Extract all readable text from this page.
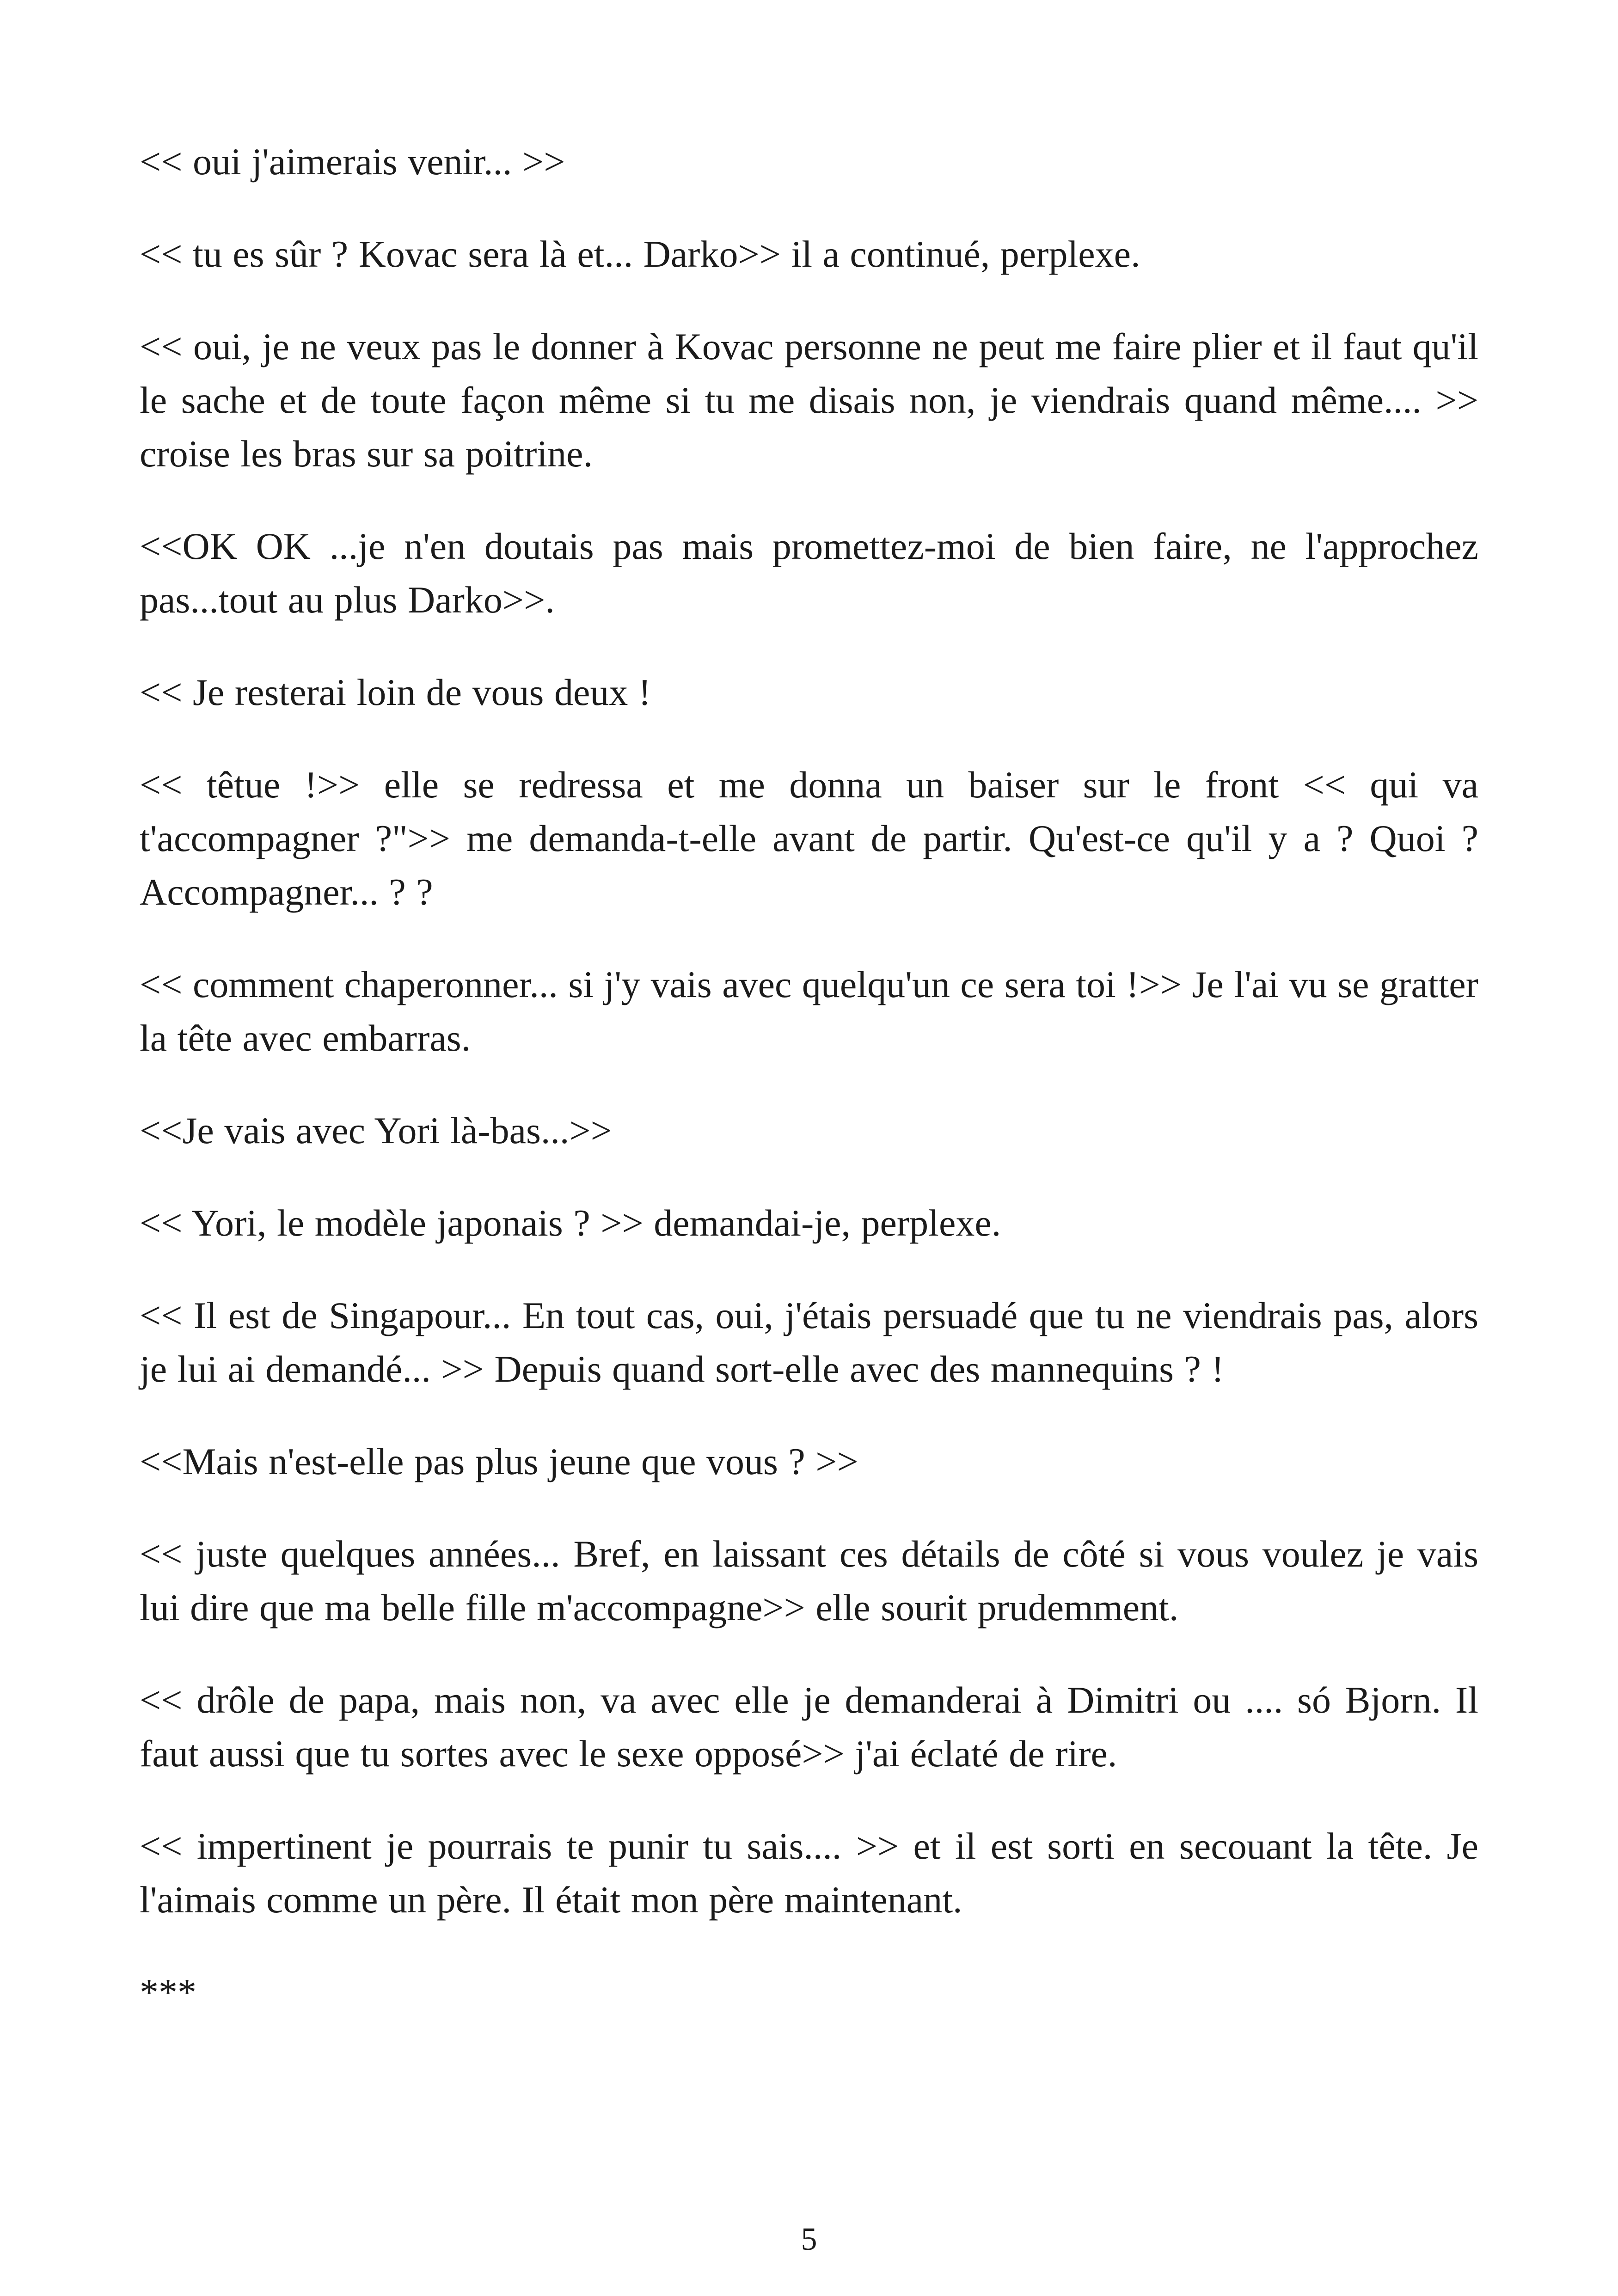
<< oui j'aimerais venir... >>

<< tu es sûr ? Kovac sera là et... Darko>> il a continué, perplexe.

<< oui, je ne veux pas le donner à Kovac personne ne peut me faire plier et il faut qu'il le sache et de toute façon même si tu me disais non, je viendrais quand même.... >> croise les bras sur sa poitrine.

<<OK OK ...je n'en doutais pas mais promettez-moi de bien faire, ne l'approchez pas...tout au plus Darko>>.

<< Je resterai loin de vous deux !

<< têtue !>> elle se redressa et me donna un baiser sur le front << qui va t'accompagner ?">> me demanda-t-elle avant de partir. Qu'est-ce qu'il y a ? Quoi ? Accompagner... ? ?

<< comment chaperonner... si j'y vais avec quelqu'un ce sera toi !>> Je l'ai vu se gratter la tête avec embarras.

<<Je vais avec Yori là-bas...>>

<< Yori, le modèle japonais ? >> demandai-je, perplexe.

<< Il est de Singapour... En tout cas, oui, j'étais persuadé que tu ne viendrais pas, alors je lui ai demandé... >> Depuis quand sort-elle avec des mannequins ? !

<<Mais n'est-elle pas plus jeune que vous ? >>

<< juste quelques années... Bref, en laissant ces détails de côté si vous voulez je vais lui dire que ma belle fille m'accompagne>> elle sourit prudemment.

<< drôle de papa, mais non, va avec elle je demanderai à Dimitri ou .... só Bjorn. Il faut aussi que tu sortes avec le sexe opposé>> j'ai éclaté de rire.

<< impertinent je pourrais te punir tu sais.... >> et il est sorti en secouant la tête. Je l'aimais comme un père. Il était mon père maintenant.

***

5
